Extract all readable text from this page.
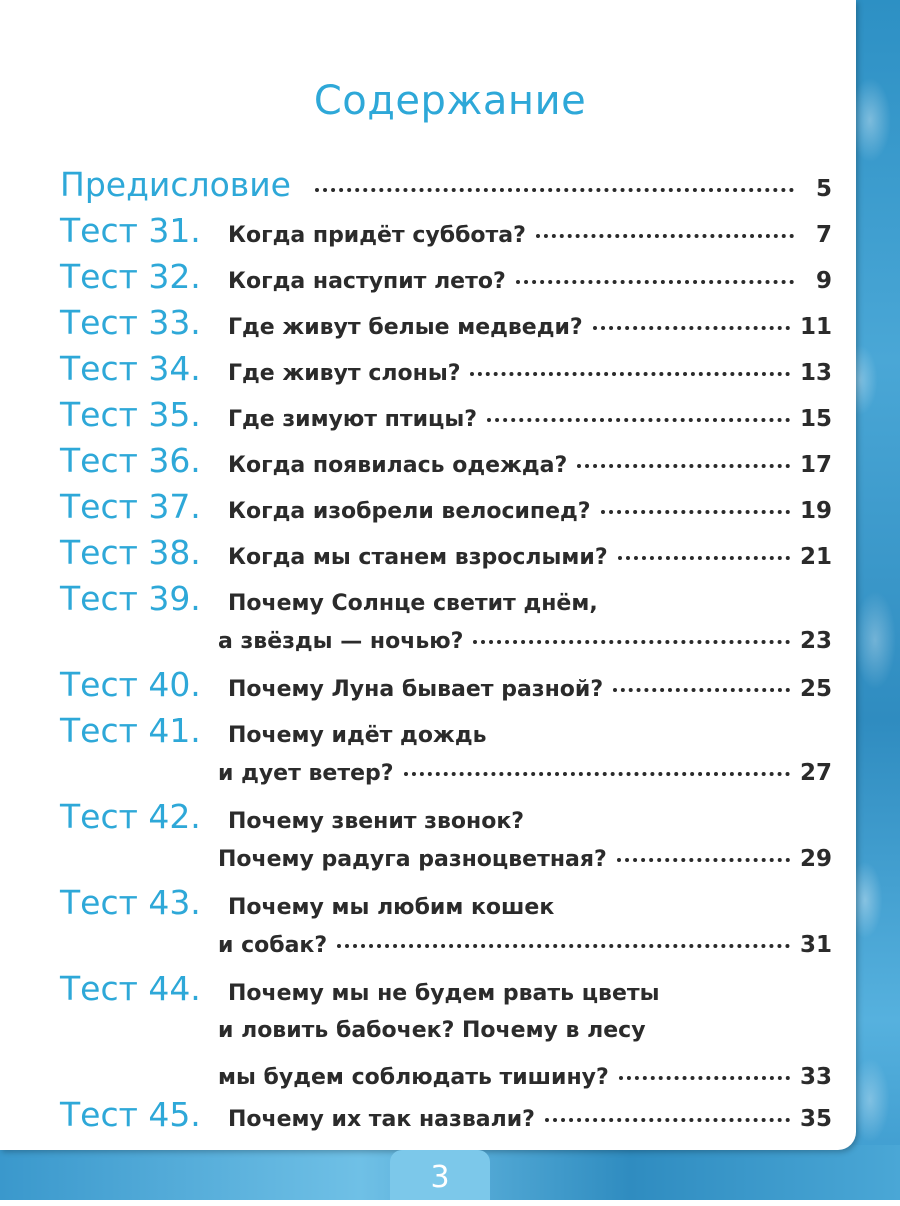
Содержание
Предисловие	5
Тест 31.	Когда придёт суббота?	7
Тест 32.	Когда наступит лето?	9
Тест 33.	Где живут белые медведи?	11
Тест 34.	Где живут слоны?	13
Тест 35.	Где зимуют птицы?	15
Тест 36.	Когда появилась одежда?	17
Тест 37.	Когда изобрели велосипед?	19
Тест 38.	Когда мы станем взрослыми?	21
Тест 39.	Почему Солнце светит днём,
а звёзды — ночью?	23
Тест 40.	Почему Луна бывает разной?	25
Тест 41.	Почему идёт дождь
и дует ветер?	27
Тест 42.	Почему звенит звонок?
Почему радуга разноцветная?	29
Тест 43.	Почему мы любим кошек
и собак?	31
Тест 44.	Почему мы не будем рвать цветы
и ловить бабочек? Почему в лесу
мы будем соблюдать тишину?	33
Тест 45.	Почему их так назвали?	35
3
